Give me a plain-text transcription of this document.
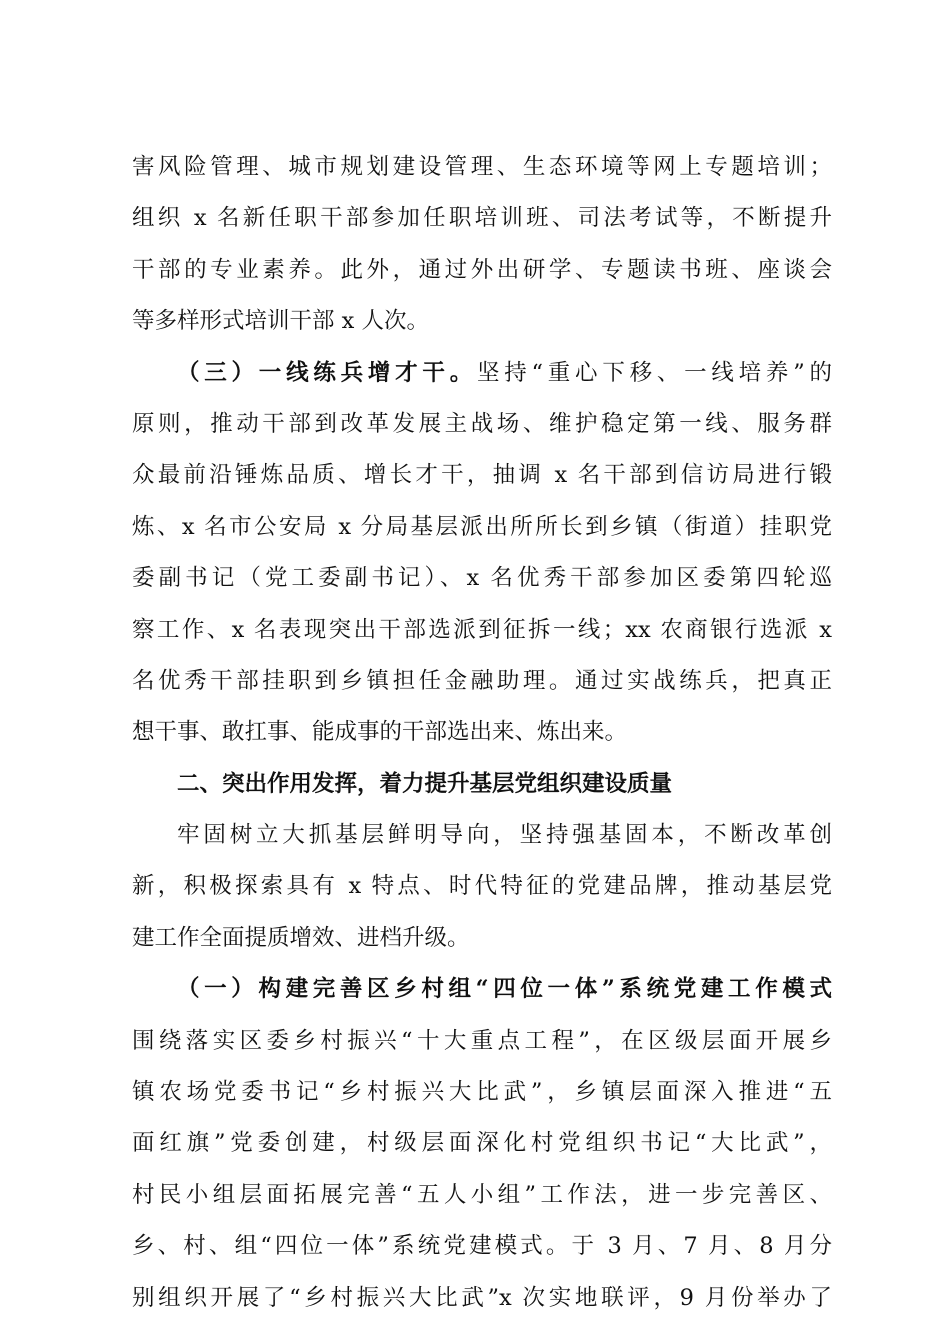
害风险管理、城市规划建设管理、生态环境等网上专题培训；
组织 x 名新任职干部参加任职培训班、司法考试等，不断提升
干部的专业素养。此外，通过外出研学、专题读书班、座谈会
等多样形式培训干部 x 人次。
（三）一线练兵增才干。坚持“重心下移、一线培养”的
原则，推动干部到改革发展主战场、维护稳定第一线、服务群
众最前沿锤炼品质、增长才干，抽调 x 名干部到信访局进行锻
炼、x 名市公安局 x 分局基层派出所所长到乡镇（街道）挂职党
委副书记（党工委副书记）、x 名优秀干部参加区委第四轮巡
察工作、x 名表现突出干部选派到征拆一线；xx 农商银行选派 x
名优秀干部挂职到乡镇担任金融助理。通过实战练兵，把真正
想干事、敢扛事、能成事的干部选出来、炼出来。
二、突出作用发挥，着力提升基层党组织建设质量
牢固树立大抓基层鲜明导向，坚持强基固本，不断改革创
新，积极探索具有 x 特点、时代特征的党建品牌，推动基层党
建工作全面提质增效、进档升级。
（一）构建完善区乡村组“四位一体”系统党建工作模式
围绕落实区委乡村振兴“十大重点工程”，在区级层面开展乡
镇农场党委书记“乡村振兴大比武”，乡镇层面深入推进“五
面红旗”党委创建，村级层面深化村党组织书记“大比武”，
村民小组层面拓展完善“五人小组”工作法，进一步完善区、
乡、村、组“四位一体”系统党建模式。于 3 月、7 月、8 月分
别组织开展了“乡村振兴大比武”x 次实地联评，9 月份举办了
